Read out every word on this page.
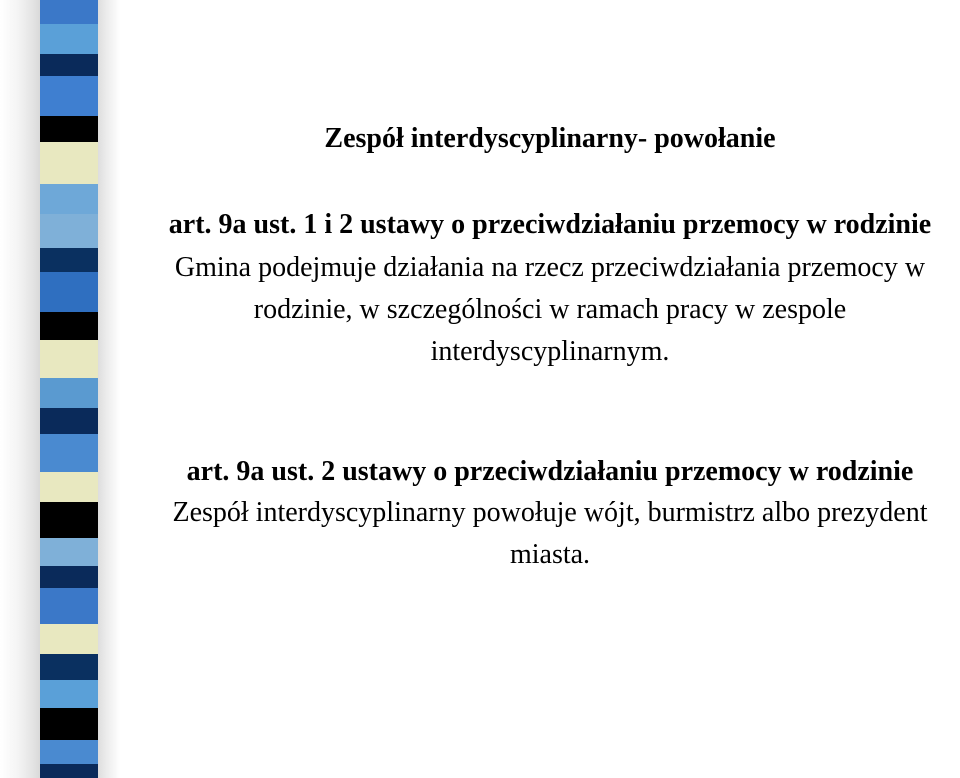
Zespół interdyscyplinarny- powołanie

art. 9a ust. 1 i 2 ustawy o przeciwdziałaniu przemocy w rodzinie

Gmina podejmuje działania na rzecz przeciwdziałania przemocy w rodzinie, w szczególności w ramach pracy w zespole interdyscyplinarnym.

art. 9a ust. 2 ustawy o przeciwdziałaniu przemocy w rodzinie

Zespół interdyscyplinarny powołuje wójt, burmistrz albo prezydent miasta.
